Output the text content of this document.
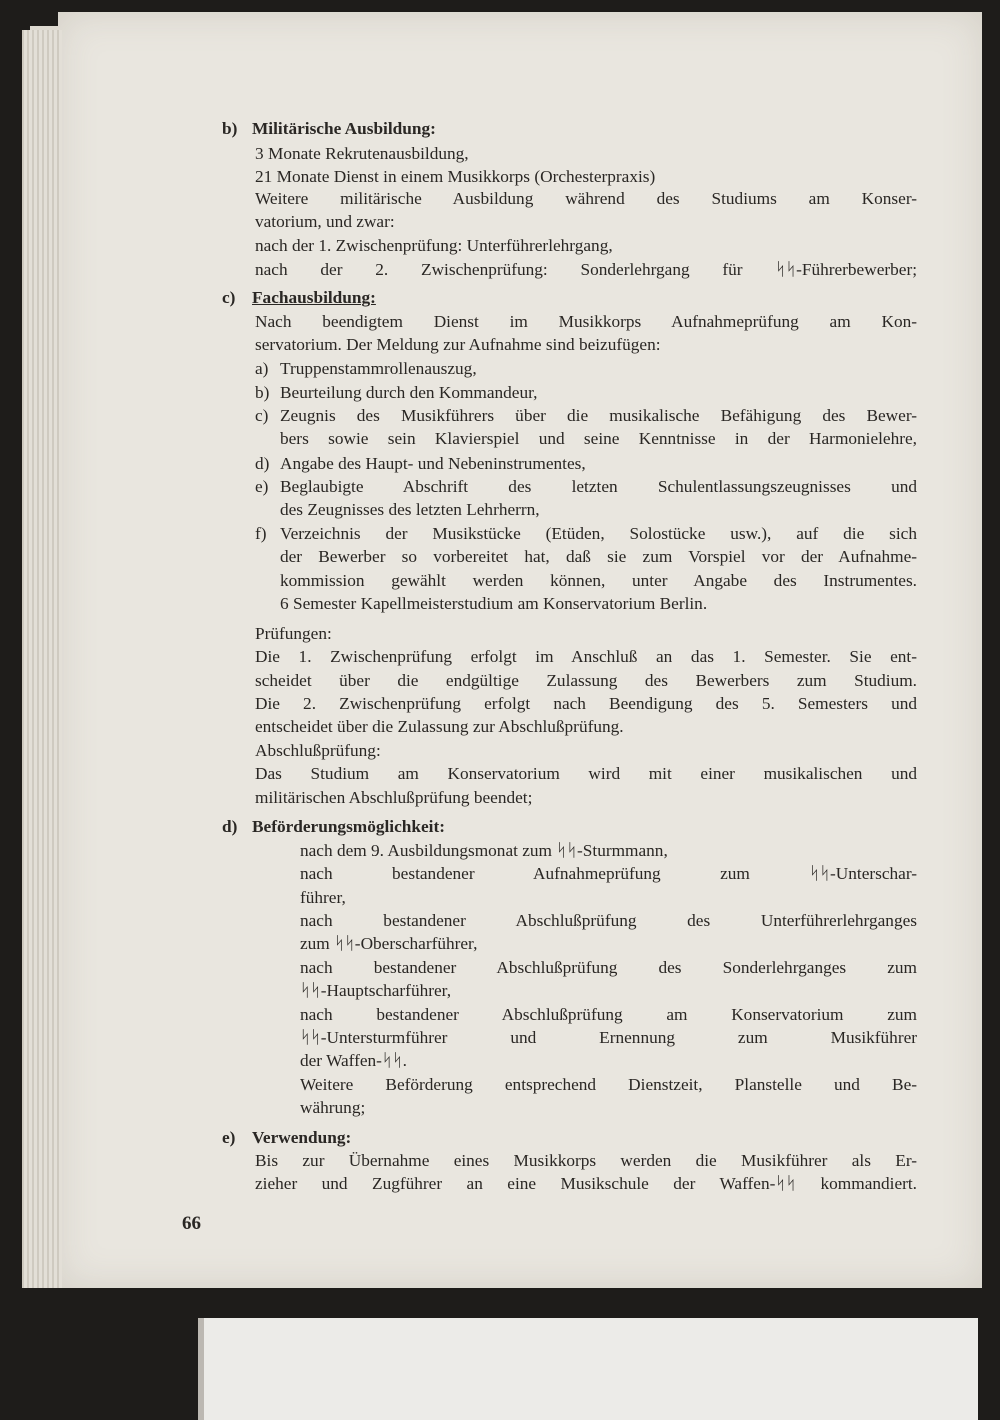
b) Militärische Ausbildung:
3 Monate Rekrutenausbildung,
21 Monate Dienst in einem Musikkorps (Orchesterpraxis)
Weitere militärische Ausbildung während des Studiums am Konser-
vatorium, und zwar:
nach der 1. Zwischenprüfung: Unterführerlehrgang,
nach der 2. Zwischenprüfung: Sonderlehrgang für ᛋᛋ-Führerbewerber;
c) Fachausbildung:
Nach beendigtem Dienst im Musikkorps Aufnahmeprüfung am Kon-
servatorium. Der Meldung zur Aufnahme sind beizufügen:
a) Truppenstammrollenauszug,
b) Beurteilung durch den Kommandeur,
c) Zeugnis des Musikführers über die musikalische Befähigung des Bewer-
bers sowie sein Klavierspiel und seine Kenntnisse in der Harmonielehre,
d) Angabe des Haupt- und Nebeninstrumentes,
e) Beglaubigte Abschrift des letzten Schulentlassungszeugnisses und
des Zeugnisses des letzten Lehrherrn,
f) Verzeichnis der Musikstücke (Etüden, Solostücke usw.), auf die sich
der Bewerber so vorbereitet hat, daß sie zum Vorspiel vor der Aufnahme-
kommission gewählt werden können, unter Angabe des Instrumentes.
6 Semester Kapellmeisterstudium am Konservatorium Berlin.
Prüfungen:
Die 1. Zwischenprüfung erfolgt im Anschluß an das 1. Semester. Sie ent-
scheidet über die endgültige Zulassung des Bewerbers zum Studium.
Die 2. Zwischenprüfung erfolgt nach Beendigung des 5. Semesters und
entscheidet über die Zulassung zur Abschlußprüfung.
Abschlußprüfung:
Das Studium am Konservatorium wird mit einer musikalischen und
militärischen Abschlußprüfung beendet;
d) Beförderungsmöglichkeit:
nach dem 9. Ausbildungsmonat zum ᛋᛋ-Sturmmann,
nach bestandener Aufnahmeprüfung zum ᛋᛋ-Unterschar-
führer,
nach bestandener Abschlußprüfung des Unterführerlehrganges
zum ᛋᛋ-Oberscharführer,
nach bestandener Abschlußprüfung des Sonderlehrganges zum
ᛋᛋ-Hauptscharführer,
nach bestandener Abschlußprüfung am Konservatorium zum
ᛋᛋ-Untersturmführer und Ernennung zum Musikführer
der Waffen-ᛋᛋ.
Weitere Beförderung entsprechend Dienstzeit, Planstelle und Be-
währung;
e) Verwendung:
Bis zur Übernahme eines Musikkorps werden die Musikführer als Er-
zieher und Zugführer an eine Musikschule der Waffen-ᛋᛋ kommandiert.
66
